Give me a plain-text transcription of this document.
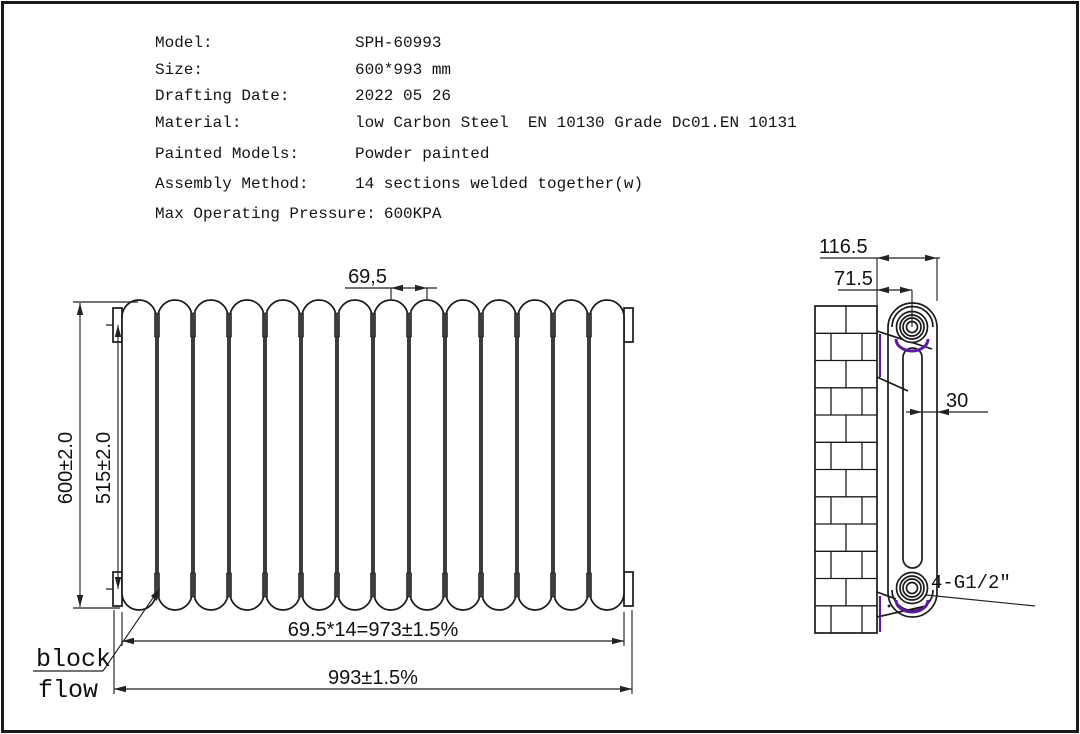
Model:	SPH-60993
Size:	600*993 mm
Drafting Date:	2022 05 26
Material:	low Carbon Steel  EN 10130 Grade Dc01.EN 10131
Painted Models:	Powder painted
Assembly Method:	14 sections welded together(w)
Max Operating Pressure: 600KPA
69,5
600±2.0 515±2.0
69.5*14=973±1.5%
993±1.5%
block
flow
116.5
71.5
30
4-G1/2″
